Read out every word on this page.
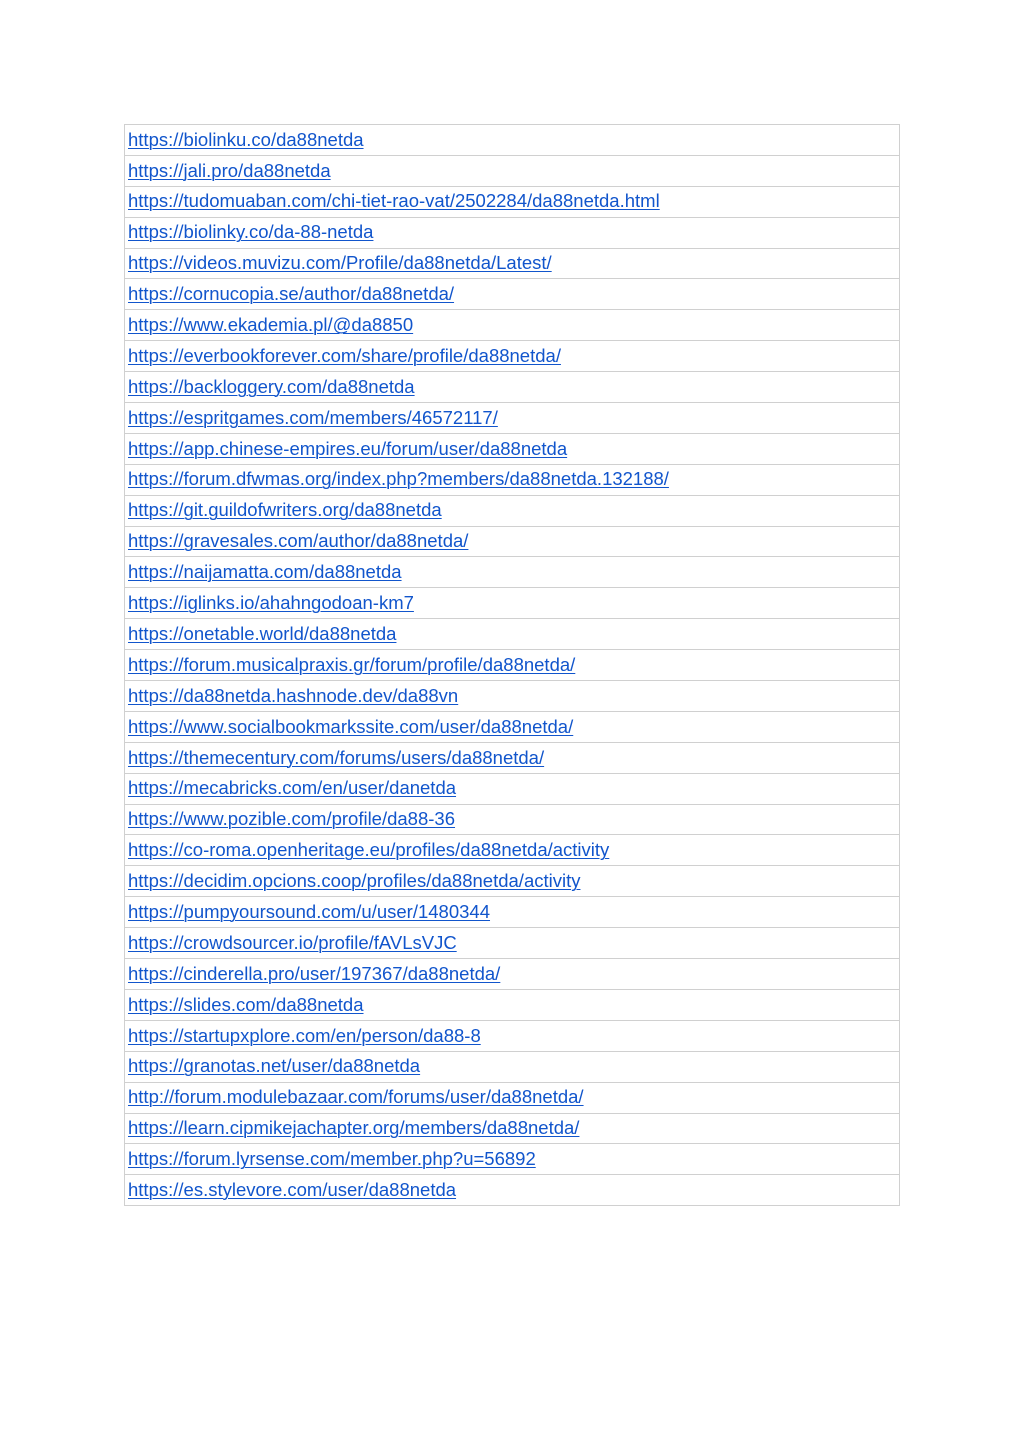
https://biolinku.co/da88netda
https://jali.pro/da88netda
https://tudomuaban.com/chi-tiet-rao-vat/2502284/da88netda.html
https://biolinky.co/da-88-netda
https://videos.muvizu.com/Profile/da88netda/Latest/
https://cornucopia.se/author/da88netda/
https://www.ekademia.pl/@da8850
https://everbookforever.com/share/profile/da88netda/
https://backloggery.com/da88netda
https://espritgames.com/members/46572117/
https://app.chinese-empires.eu/forum/user/da88netda
https://forum.dfwmas.org/index.php?members/da88netda.132188/
https://git.guildofwriters.org/da88netda
https://gravesales.com/author/da88netda/
https://naijamatta.com/da88netda
https://iglinks.io/ahahngodoan-km7
https://onetable.world/da88netda
https://forum.musicalpraxis.gr/forum/profile/da88netda/
https://da88netda.hashnode.dev/da88vn
https://www.socialbookmarkssite.com/user/da88netda/
https://themecentury.com/forums/users/da88netda/
https://mecabricks.com/en/user/danetda
https://www.pozible.com/profile/da88-36
https://co-roma.openheritage.eu/profiles/da88netda/activity
https://decidim.opcions.coop/profiles/da88netda/activity
https://pumpyoursound.com/u/user/1480344
https://crowdsourcer.io/profile/fAVLsVJC
https://cinderella.pro/user/197367/da88netda/
https://slides.com/da88netda
https://startupxplore.com/en/person/da88-8
https://granotas.net/user/da88netda
http://forum.modulebazaar.com/forums/user/da88netda/
https://learn.cipmikejachapter.org/members/da88netda/
https://forum.lyrsense.com/member.php?u=56892
https://es.stylevore.com/user/da88netda
